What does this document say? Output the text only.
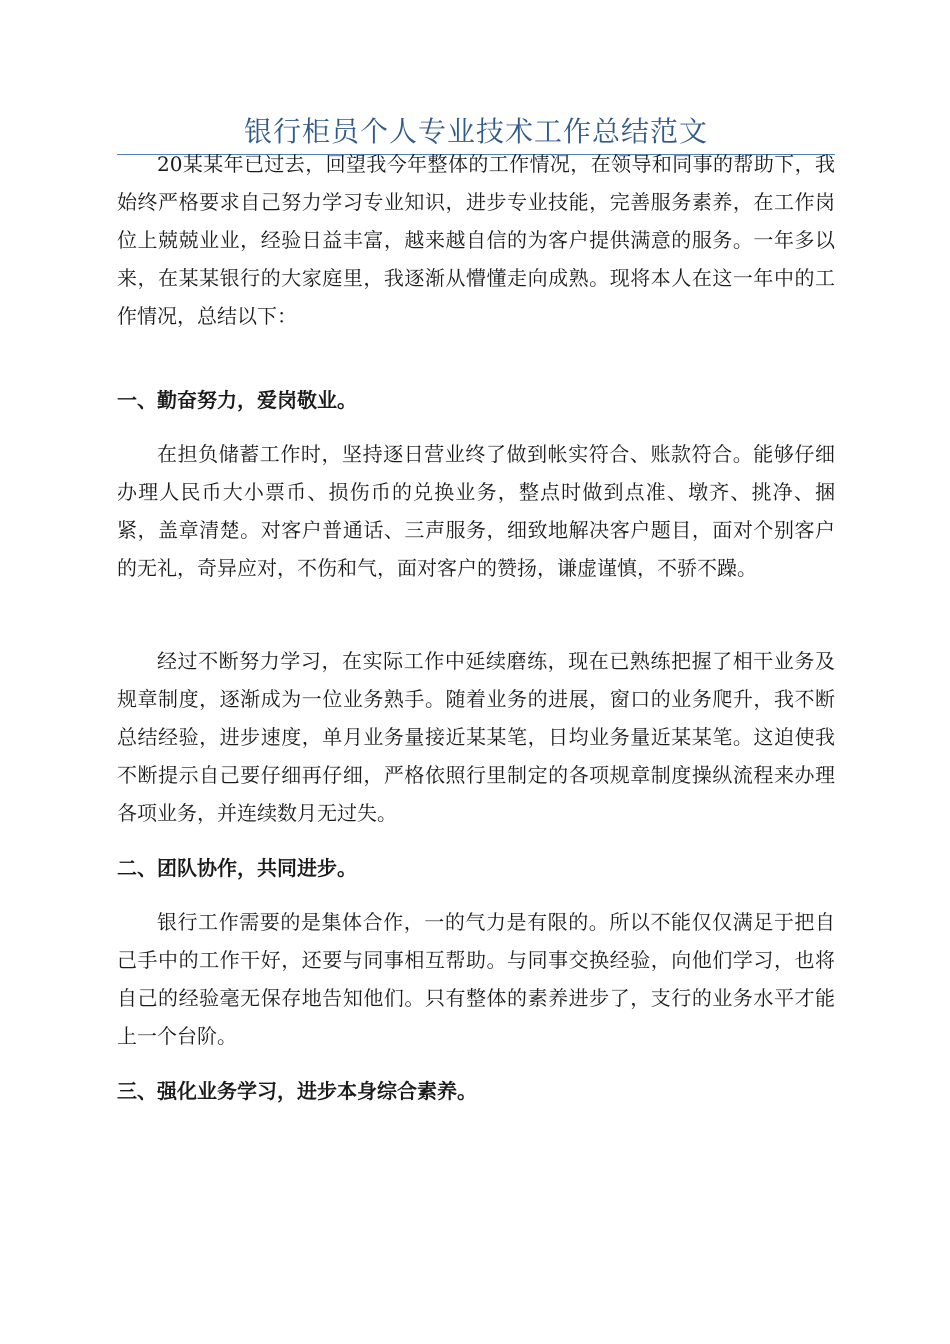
银行柜员个人专业技术工作总结范文

20某某年已过去，回望我今年整体的工作情况，在领导和同事的帮助下，我始终严格要求自己努力学习专业知识，进步专业技能，完善服务素养，在工作岗位上兢兢业业，经验日益丰富，越来越自信的为客户提供满意的服务。一年多以来，在某某银行的大家庭里，我逐渐从懵懂走向成熟。现将本人在这一年中的工作情况，总结以下：

一、勤奋努力，爱岗敬业。

在担负储蓄工作时，坚持逐日营业终了做到帐实符合、账款符合。能够仔细办理人民币大小票币、损伤币的兑换业务，整点时做到点准、墩齐、挑净、捆紧，盖章清楚。对客户普通话、三声服务，细致地解决客户题目，面对个别客户的无礼，奇异应对，不伤和气，面对客户的赞扬，谦虚谨慎，不骄不躁。

经过不断努力学习，在实际工作中延续磨练，现在已熟练把握了相干业务及规章制度，逐渐成为一位业务熟手。随着业务的进展，窗口的业务爬升，我不断总结经验，进步速度，单月业务量接近某某笔，日均业务量近某某笔。这迫使我不断提示自己要仔细再仔细，严格依照行里制定的各项规章制度操纵流程来办理各项业务，并连续数月无过失。

二、团队协作，共同进步。

银行工作需要的是集体合作，一的气力是有限的。所以不能仅仅满足于把自己手中的工作干好，还要与同事相互帮助。与同事交换经验，向他们学习，也将自己的经验毫无保存地告知他们。只有整体的素养进步了，支行的业务水平才能上一个台阶。

三、强化业务学习，进步本身综合素养。
